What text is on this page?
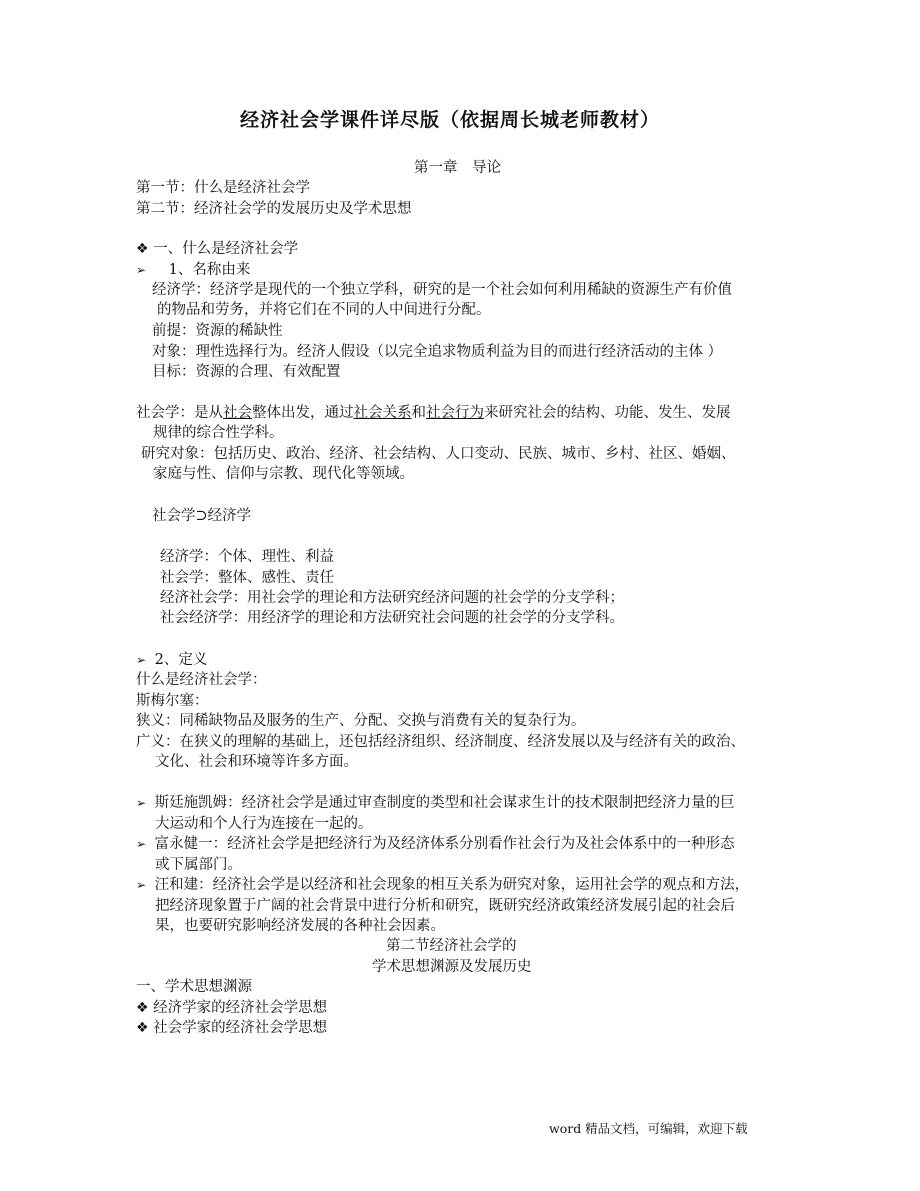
经济社会学课件详尽版（依据周长城老师教材）
第一章　导论
第一节：什么是经济社会学
第二节：经济社会学的发展历史及学术思想
❖ 一、什么是经济社会学
➢ 1、名称由来
经济学：经济学是现代的一个独立学科，研究的是一个社会如何利用稀缺的资源生产有价值
的物品和劳务，并将它们在不同的人中间进行分配。
前提：资源的稀缺性
对象：理性选择行为。经济人假设（以完全追求物质利益为目的而进行经济活动的主体 ）
目标：资源的合理、有效配置
社会学：是从社会整体出发，通过社会关系和社会行为来研究社会的结构、功能、发生、发展
规律的综合性学科。
研究对象：包括历史、政治、经济、社会结构、人口变动、民族、城市、乡村、社区、婚姻、
家庭与性、信仰与宗教、现代化等领域。
社会学⊃经济学
经济学：个体、理性、利益
社会学：整体、感性、责任
经济社会学：用社会学的理论和方法研究经济问题的社会学的分支学科；
社会经济学：用经济学的理论和方法研究社会问题的社会学的分支学科。
➢ 2、定义
什么是经济社会学：
斯梅尔塞：
狭义：同稀缺物品及服务的生产、分配、交换与消费有关的复杂行为。
广义：在狭义的理解的基础上，还包括经济组织、经济制度、经济发展以及与经济有关的政治、
文化、社会和环境等许多方面。
➢ 斯廷施凯姆：经济社会学是通过审查制度的类型和社会谋求生计的技术限制把经济力量的巨
大运动和个人行为连接在一起的。
➢ 富永健一：经济社会学是把经济行为及经济体系分别看作社会行为及社会体系中的一种形态
或下属部门。
➢ 汪和建：经济社会学是以经济和社会现象的相互关系为研究对象，运用社会学的观点和方法，
把经济现象置于广阔的社会背景中进行分析和研究，既研究经济政策经济发展引起的社会后
果，也要研究影响经济发展的各种社会因素。
第二节经济社会学的
学术思想渊源及发展历史
一、学术思想渊源
❖ 经济学家的经济社会学思想
❖ 社会学家的经济社会学思想
word 精品文档，可编辑，欢迎下载
